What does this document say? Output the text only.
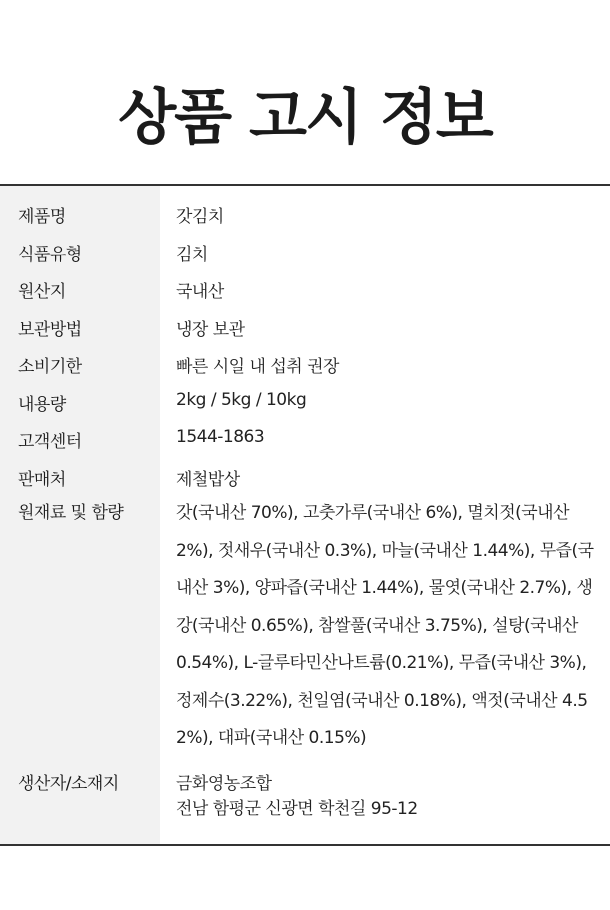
상품 고시 정보
제품명	갓김치
식품유형	김치
원산지	국내산
보관방법	냉장 보관
소비기한	빠른 시일 내 섭취 권장
내용량	2kg / 5kg / 10kg
고객센터	1544-1863
판매처	제철밥상
원재료 및 함량	갓(국내산 70%), 고춧가루(국내산 6%), 멸치젓(국내산 2%), 젓새우(국내산 0.3%), 마늘(국내산 1.44%), 무즙(국내산 3%), 양파즙(국내산 1.44%), 물엿(국내산 2.7%), 생강(국내산 0.65%), 참쌀풀(국내산 3.75%), 설탕(국내산 0.54%), L-글루타민산나트륨(0.21%), 무즙(국내산 3%), 정제수(3.22%), 천일염(국내산 0.18%), 액젓(국내산 4.52%), 대파(국내산 0.15%)
생산자/소재지	금화영농조합
전남 함평군 신광면 학천길 95-12
